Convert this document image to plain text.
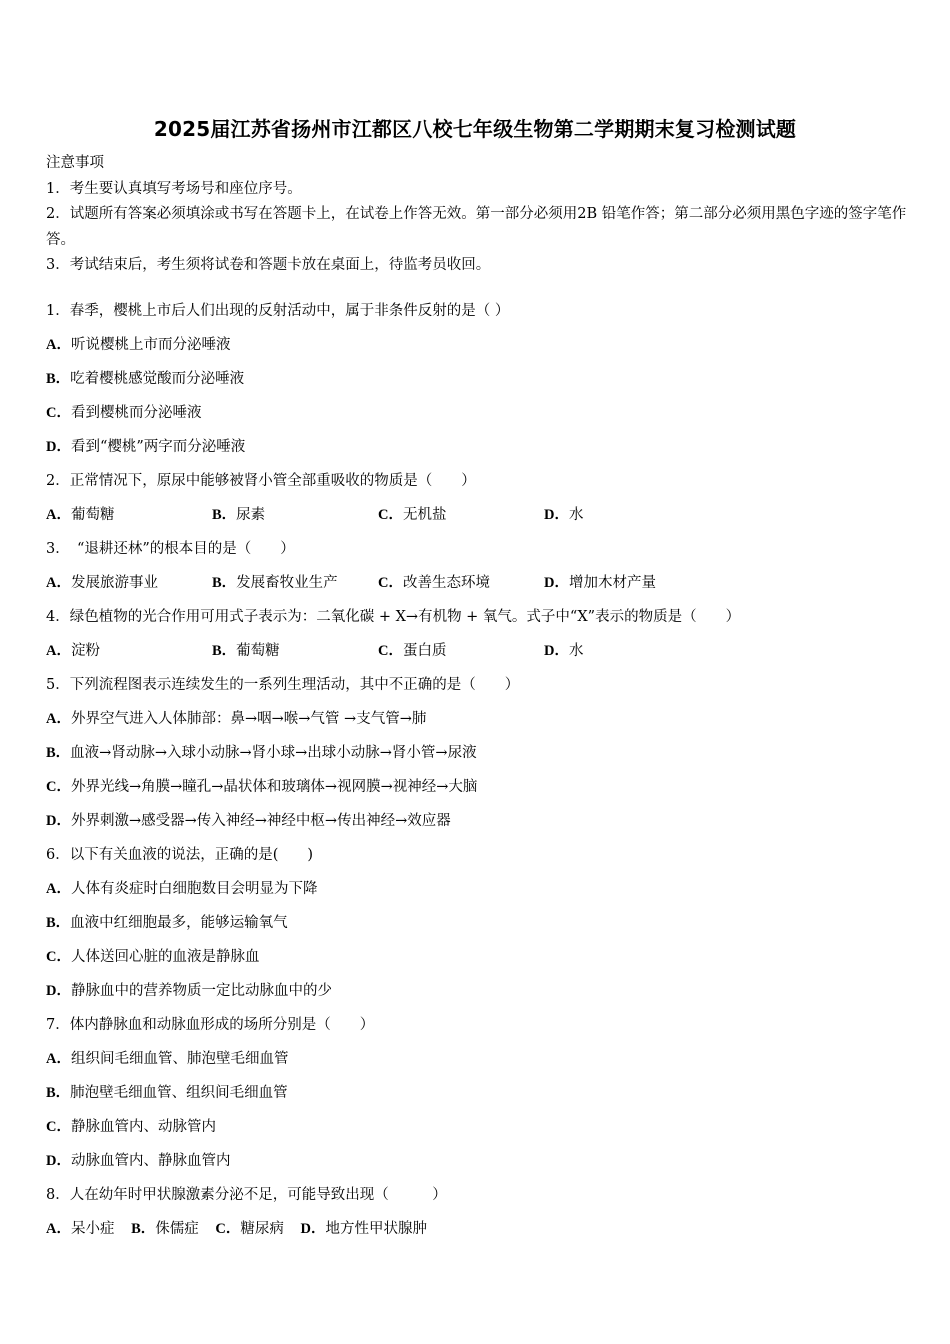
2025届江苏省扬州市江都区八校七年级生物第二学期期末复习检测试题
注意事项
1．考生要认真填写考场号和座位序号。
2．试题所有答案必须填涂或书写在答题卡上，在试卷上作答无效。第一部分必须用2B 铅笔作答；第二部分必须用黑色字迹的签字笔作答。
3．考试结束后，考生须将试卷和答题卡放在桌面上，待监考员收回。
1．春季，樱桃上市后人们出现的反射活动中，属于非条件反射的是（ ）
A．听说樱桃上市而分泌唾液
B．吃着樱桃感觉酸而分泌唾液
C．看到樱桃而分泌唾液
D．看到“樱桃”两字而分泌唾液
2．正常情况下，原尿中能够被肾小管全部重吸收的物质是（　　）
A．葡萄糖	B．尿素	C．无机盐	D．水
3．　“退耕还林”的根本目的是（　　）
A．发展旅游事业	B．发展畜牧业生产	C．改善生态环境	D．增加木材产量
4．绿色植物的光合作用可用式子表示为：二氧化碳 + X→有机物 + 氧气。式子中“X”表示的物质是（　　）
A．淀粉	B．葡萄糖	C．蛋白质	D．水
5．下列流程图表示连续发生的一系列生理活动，其中不正确的是（　　）
A．外界空气进入人体肺部：鼻→咽→喉→气管 →支气管→肺
B．血液→肾动脉→入球小动脉→肾小球→出球小动脉→肾小管→尿液
C．外界光线→角膜→瞳孔→晶状体和玻璃体→视网膜→视神经→大脑
D．外界刺激→感受器→传入神经→神经中枢→传出神经→效应器
6．以下有关血液的说法，正确的是(　　)
A．人体有炎症时白细胞数目会明显为下降
B．血液中红细胞最多，能够运输氧气
C．人体送回心脏的血液是静脉血
D．静脉血中的营养物质一定比动脉血中的少
7．体内静脉血和动脉血形成的场所分别是（　　）
A．组织间毛细血管、肺泡壁毛细血管
B．肺泡壁毛细血管、组织间毛细血管
C．静脉血管内、动脉管内
D．动脉血管内、静脉血管内
8．人在幼年时甲状腺激素分泌不足，可能导致出现（　　　）
A．呆小症 B．侏儒症 C．糖尿病 D．地方性甲状腺肿
